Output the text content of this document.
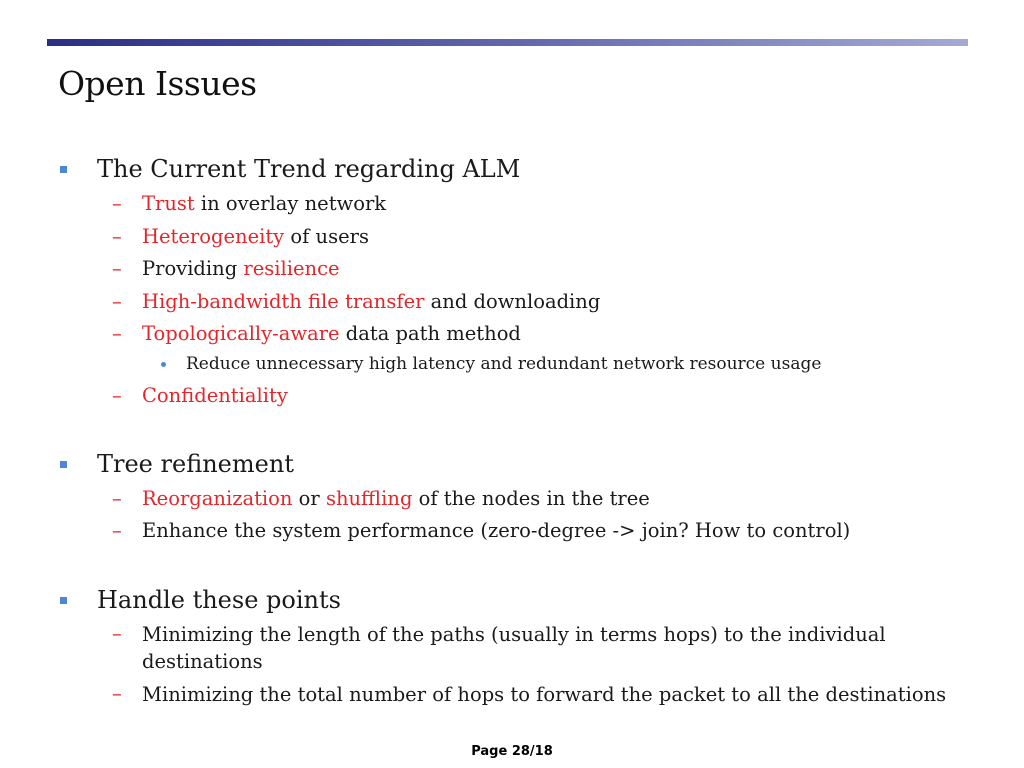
Open Issues
The Current Trend regarding ALM
– Trust in overlay network
– Heterogeneity of users
– Providing resilience
– High-bandwidth file transfer and downloading
– Topologically-aware data path method
Reduce unnecessary high latency and redundant network resource usage
– Confidentiality
Tree refinement
– Reorganization or shuffling of the nodes in the tree
– Enhance the system performance (zero-degree -> join? How to control)
Handle these points
– Minimizing the length of the paths (usually in terms hops) to the individual destinations
– Minimizing the total number of hops to forward the packet to all the destinations
Page 28/18
